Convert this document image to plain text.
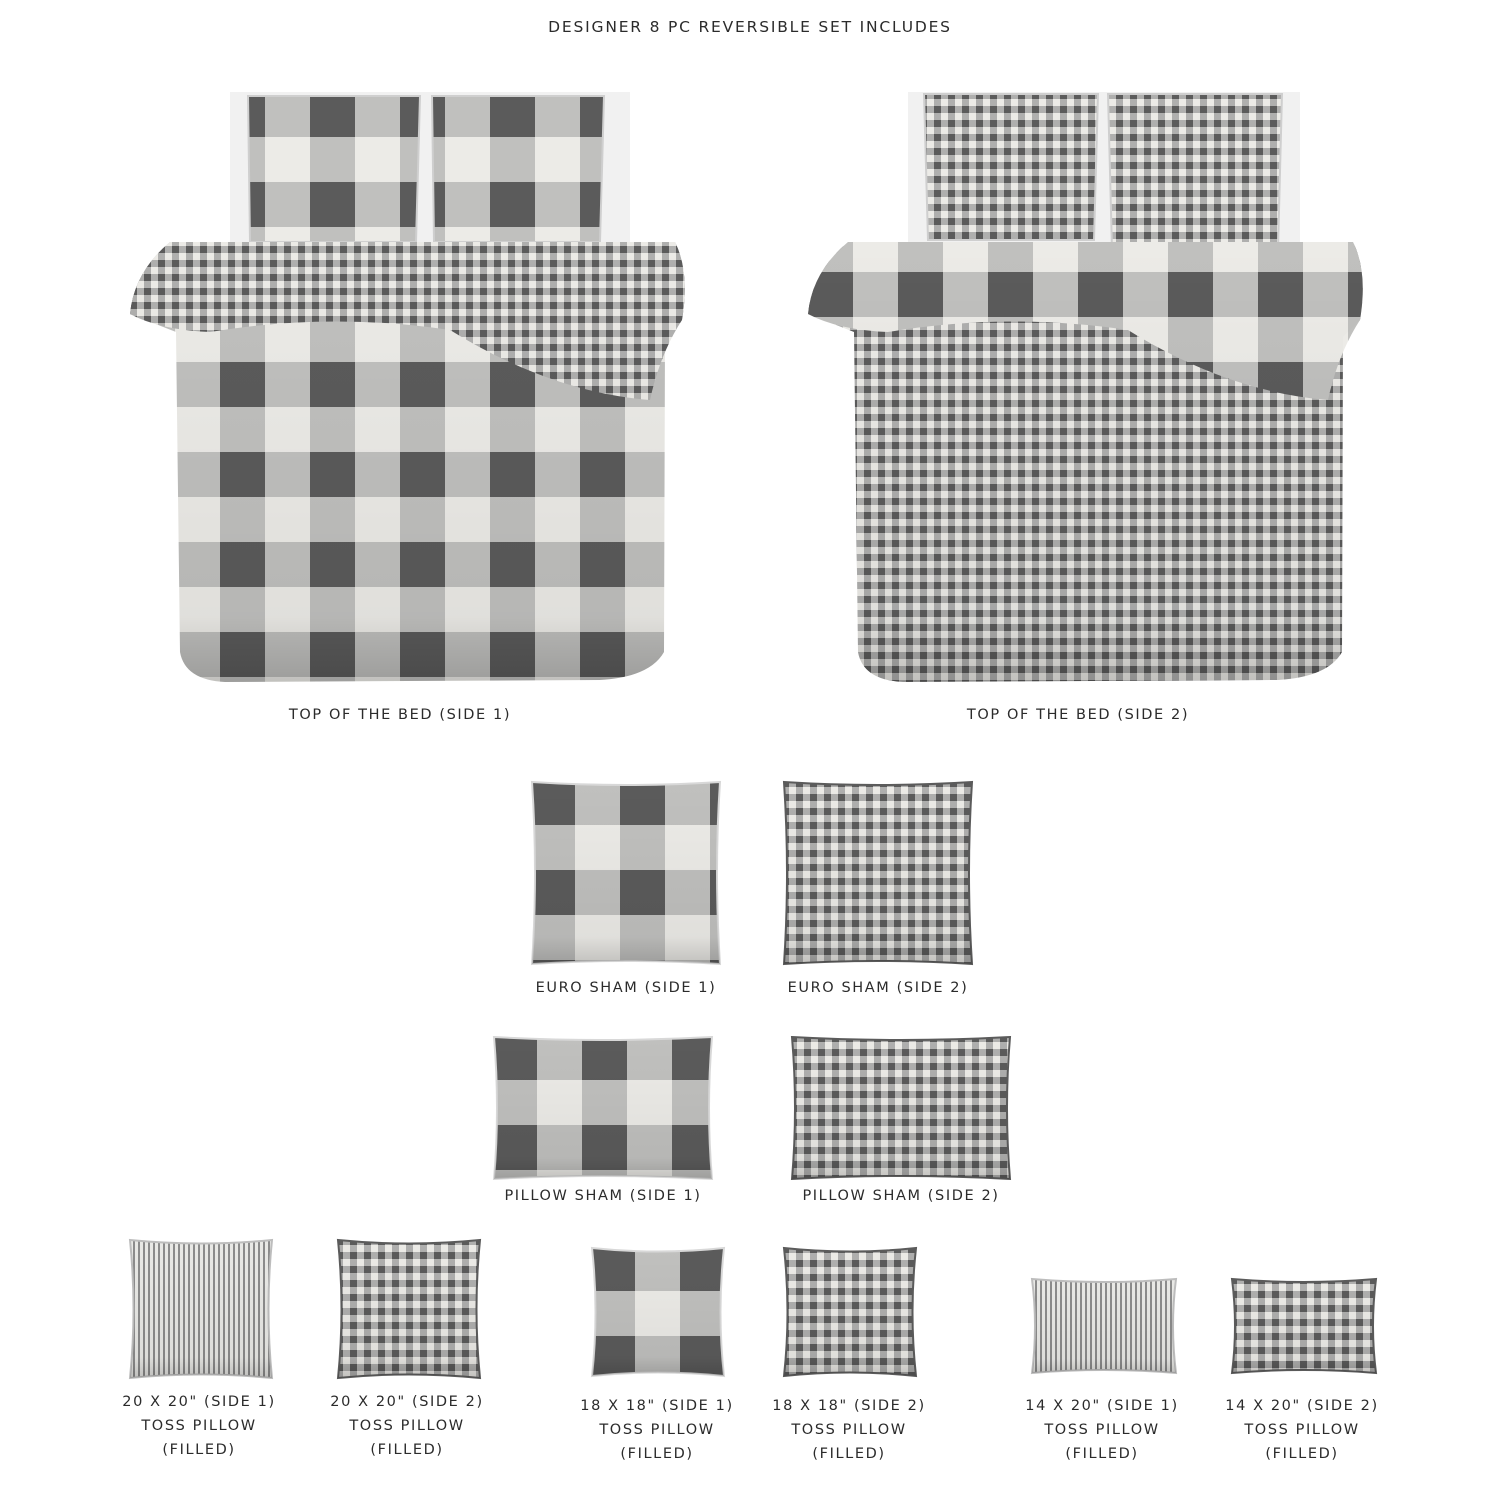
DESIGNER 8 PC REVERSIBLE SET INCLUDES
TOP OF THE BED (SIDE 1)	TOP OF THE BED (SIDE 2)
EURO SHAM (SIDE 1)	EURO SHAM (SIDE 2)
PILLOW SHAM (SIDE 1)	PILLOW SHAM (SIDE 2)
20 X 20" (SIDE 1)
TOSS PILLOW
(FILLED)
20 X 20" (SIDE 2)
TOSS PILLOW
(FILLED)
18 X 18" (SIDE 1)
TOSS PILLOW
(FILLED)
18 X 18" (SIDE 2)
TOSS PILLOW
(FILLED)
14 X 20" (SIDE 1)
TOSS PILLOW
(FILLED)
14 X 20" (SIDE 2)
TOSS PILLOW
(FILLED)
